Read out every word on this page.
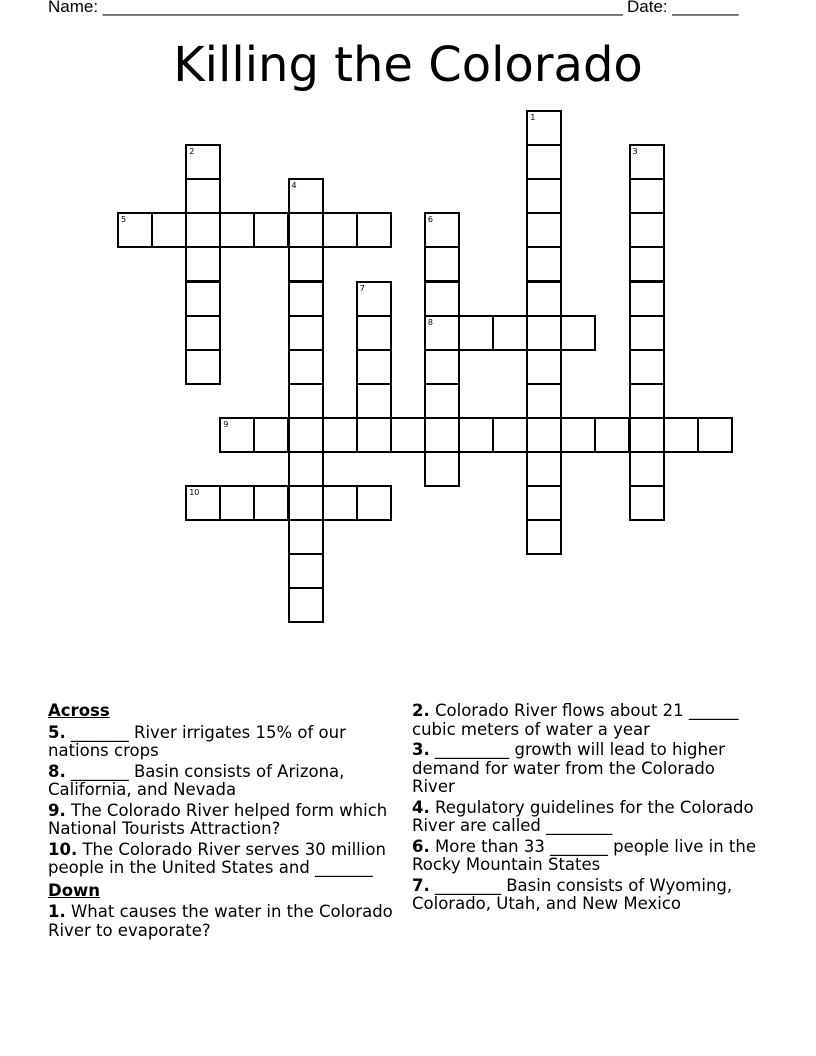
Name: _______________________________________________________ Date: _______
Killing the Colorado
1
2	3
4
5	6
8
7
9
10

Across

5. _______ River irrigates 15% of our nations crops

8. _______ Basin consists of Arizona, California, and Nevada

9. The Colorado River helped form which National Tourists Attraction?

10. The Colorado River serves 30 million people in the United States and _______

Down

1. What causes the water in the Colorado River to evaporate?

2. Colorado River flows about 21 ______ cubic meters of water a year

3. _________ growth will lead to higher demand for water from the Colorado River

4. Regulatory guidelines for the Colorado River are called ________

6. More than 33 _______ people live in the Rocky Mountain States

7. ________ Basin consists of Wyoming, Colorado, Utah, and New Mexico
